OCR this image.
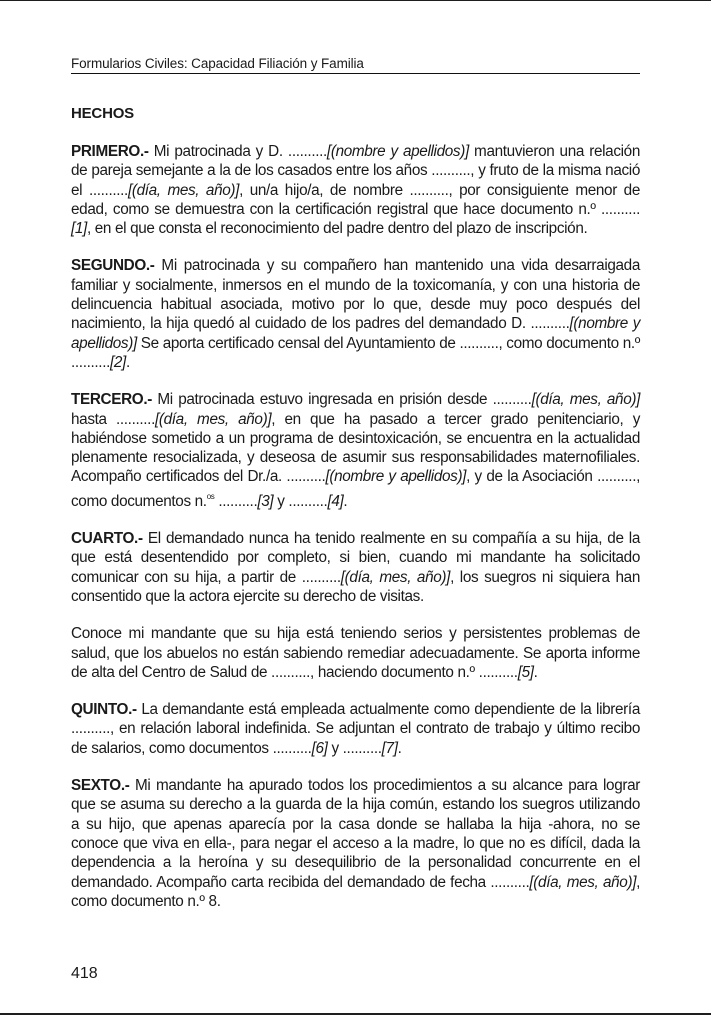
Formularios Civiles: Capacidad Filiación y Familia
HECHOS

PRIMERO.- Mi patrocinada y D. ..........[(nombre y apellidos)] mantuvieron una relación de pareja semejante a la de los casados entre los años .........., y fruto de la misma nació el ..........[(día, mes, año)], un/a hijo/a, de nombre .........., por consiguiente menor de edad, como se demuestra con la certificación registral que hace documento n.º ..........[1], en el que consta el reconocimiento del padre dentro del plazo de inscripción.

SEGUNDO.- Mi patrocinada y su compañero han mantenido una vida desarraigada familiar y socialmente, inmersos en el mundo de la toxicomanía, y con una historia de delincuencia habitual asociada, motivo por lo que, desde muy poco después del nacimiento, la hija quedó al cuidado de los padres del demandado D. ..........[(nombre y apellidos)] Se aporta certificado censal del Ayuntamiento de .........., como documento n.º ..........[2].

TERCERO.- Mi patrocinada estuvo ingresada en prisión desde ..........[(día, mes, año)] hasta ..........[(día, mes, año)], en que ha pasado a tercer grado penitenciario, y habiéndose sometido a un programa de desintoxicación, se encuentra en la actualidad plenamente resocializada, y deseosa de asumir sus responsabilidades maternofiliales. Acompaño certificados del Dr./a. ..........[(nombre y apellidos)], y de la Asociación .........., como documentos n.$^{os}$ ..........[3] y ..........[4].

CUARTO.- El demandado nunca ha tenido realmente en su compañía a su hija, de la que está desentendido por completo, si bien, cuando mi mandante ha solicitado comunicar con su hija, a partir de ..........[(día, mes, año)], los suegros ni siquiera han consentido que la actora ejercite su derecho de visitas.

Conoce mi mandante que su hija está teniendo serios y persistentes problemas de salud, que los abuelos no están sabiendo remediar adecuadamente. Se aporta informe de alta del Centro de Salud de .........., haciendo documento n.º ..........[5].

QUINTO.- La demandante está empleada actualmente como dependiente de la librería .........., en relación laboral indefinida. Se adjuntan el contrato de trabajo y último recibo de salarios, como documentos ..........[6] y ..........[7].

SEXTO.- Mi mandante ha apurado todos los procedimientos a su alcance para lograr que se asuma su derecho a la guarda de la hija común, estando los suegros utilizando a su hijo, que apenas aparecía por la casa donde se hallaba la hija -ahora, no se conoce que viva en ella-, para negar el acceso a la madre, lo que no es difícil, dada la dependencia a la heroína y su desequilibrio de la personalidad concurrente en el demandado. Acompaño carta recibida del demandado de fecha ..........[(día, mes, año)], como documento n.º 8.

418
